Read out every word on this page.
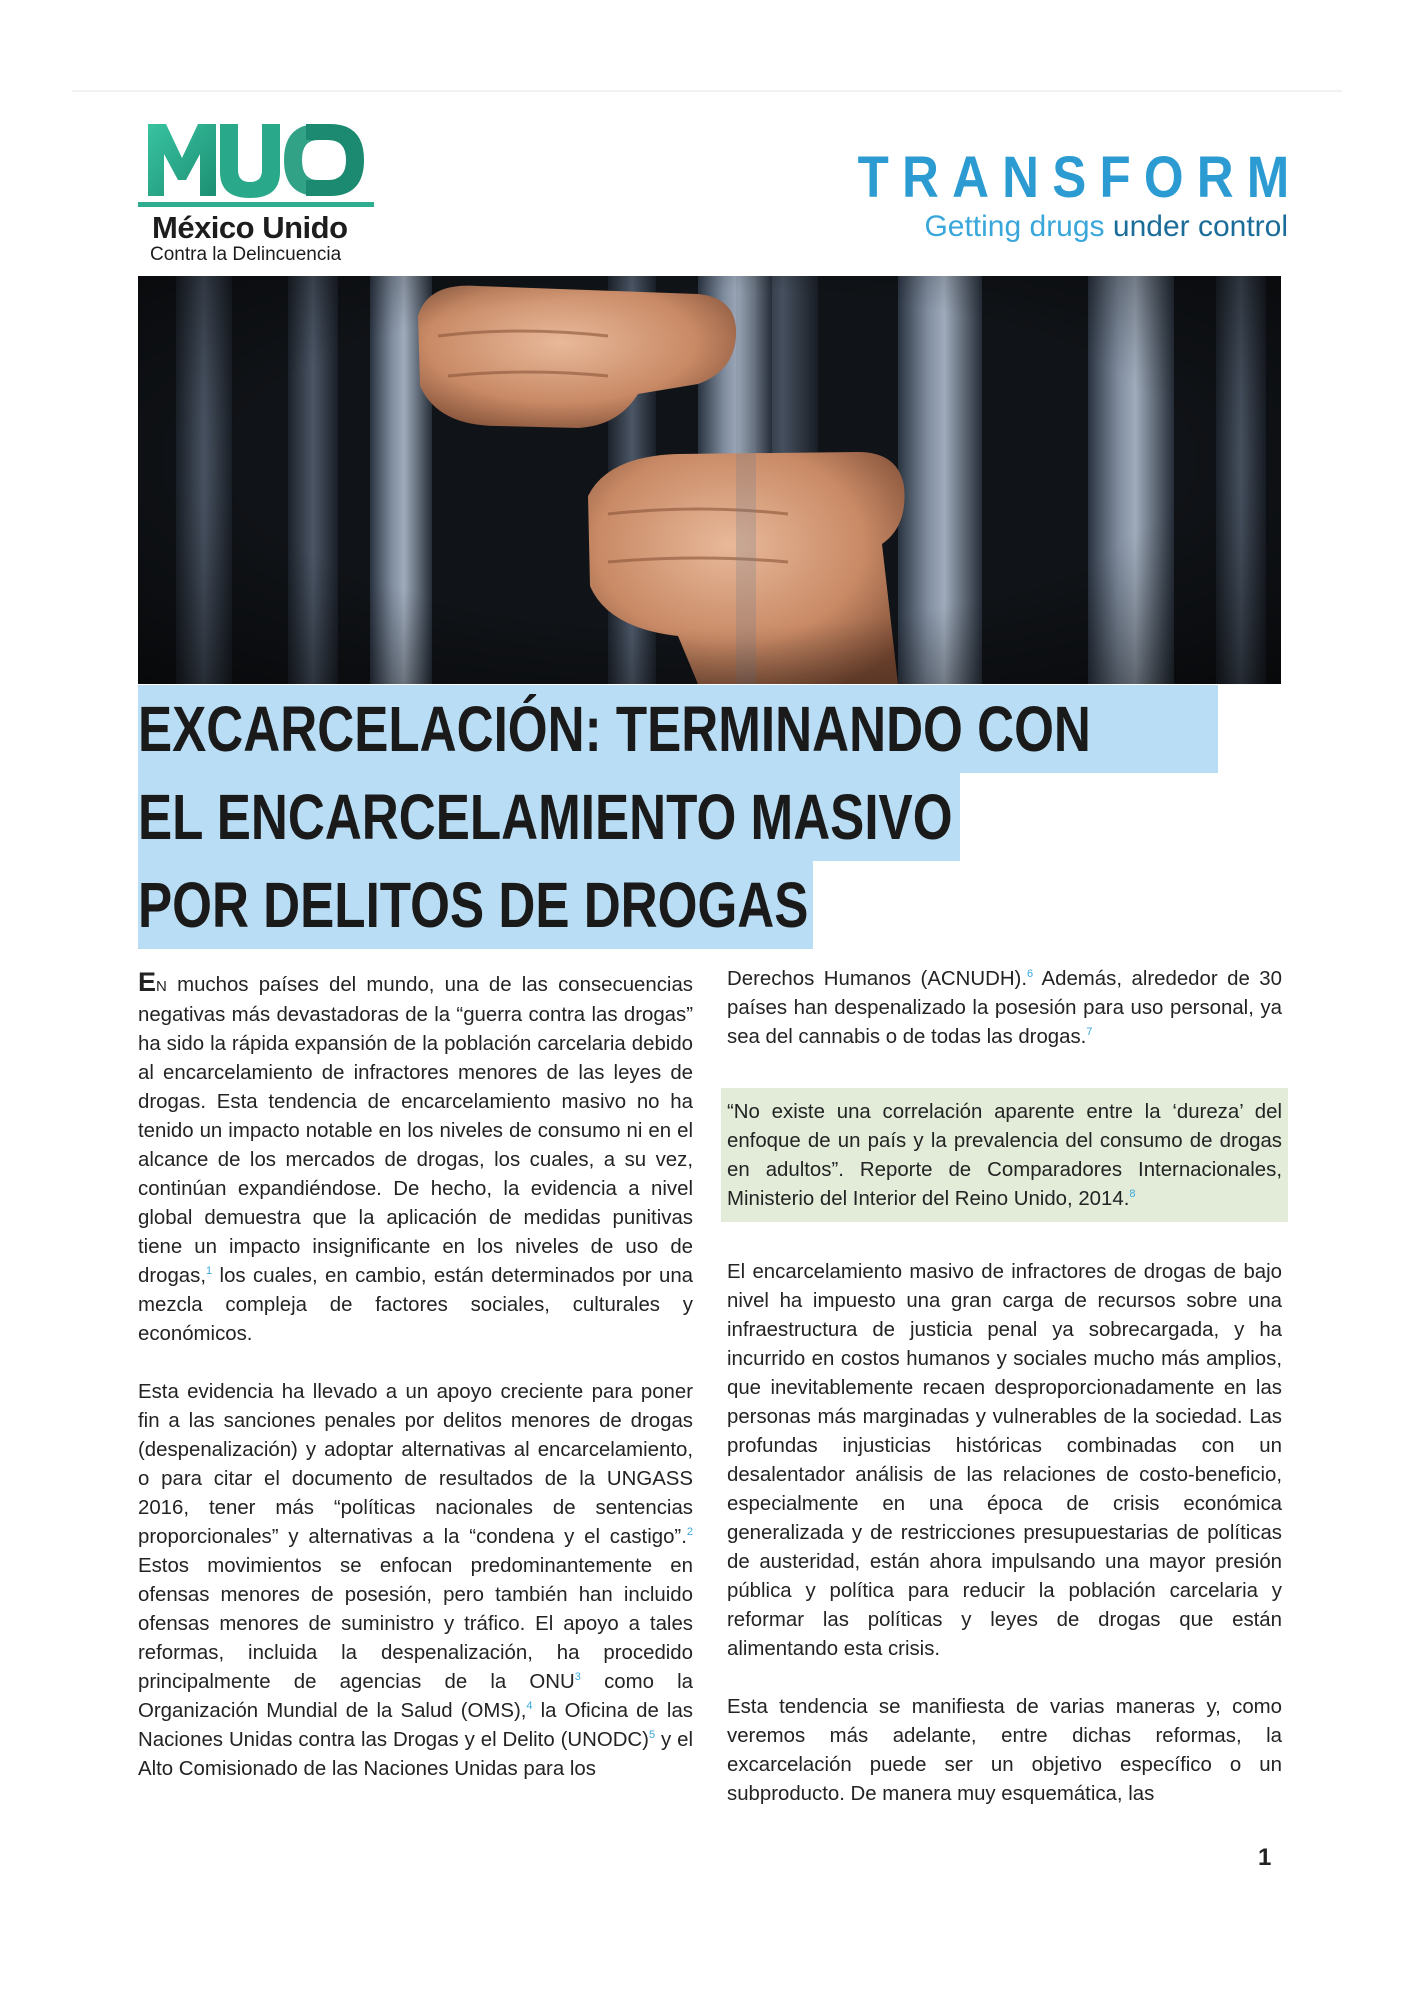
México Unido
Contra la Delincuencia
TRANSFORM
Getting drugs under control
EXCARCELACIÓN: TERMINANDO CON
EL ENCARCELAMIENTO MASIVO
POR DELITOS DE DROGAS

EN muchos países del mundo, una de las consecuencias negativas más devastadoras de la “guerra contra las drogas” ha sido la rápida expansión de la población carcelaria debido al encarcelamiento de infractores menores de las leyes de drogas. Esta tendencia de encarcelamiento masivo no ha tenido un impacto notable en los niveles de consumo ni en el alcance de los mercados de drogas, los cuales, a su vez, continúan expandiéndose. De hecho, la evidencia a nivel global demuestra que la aplicación de medidas punitivas tiene un impacto insignificante en los niveles de uso de drogas,$^1$ los cuales, en cambio, están determinados por una mezcla compleja de factores sociales, culturales y económicos.

Esta evidencia ha llevado a un apoyo creciente para poner fin a las sanciones penales por delitos menores de drogas (despenalización) y adoptar alternativas al encarcelamiento, o para citar el documento de resultados de la UNGASS 2016, tener más “políticas nacionales de sentencias proporcionales” y alternativas a la “condena y el castigo”.$^2$ Estos movimientos se enfocan predominantemente en ofensas menores de posesión, pero también han incluido ofensas menores de suministro y tráfico. El apoyo a tales reformas, incluida la despenalización, ha procedido principalmente de agencias de la ONU$^3$ como la Organización Mundial de la Salud (OMS),$^4$ la Oficina de las Naciones Unidas contra las Drogas y el Delito (UNODC)$^5$ y el Alto Comisionado de las Naciones Unidas para los

Derechos Humanos (ACNUDH).$^6$ Además, alrededor de 30 países han despenalizado la posesión para uso personal, ya sea del cannabis o de todas las drogas.$^7$

“No existe una correlación aparente entre la ‘dureza’ del enfoque de un país y la prevalencia del consumo de drogas en adultos”. Reporte de Comparadores Internacionales, Ministerio del Interior del Reino Unido, 2014.$^8$

El encarcelamiento masivo de infractores de drogas de bajo nivel ha impuesto una gran carga de recursos sobre una infraestructura de justicia penal ya sobrecargada, y ha incurrido en costos humanos y sociales mucho más amplios, que inevitablemente recaen desproporcionadamente en las personas más marginadas y vulnerables de la sociedad. Las profundas injusticias históricas combinadas con un desalentador análisis de las relaciones de costo-beneficio, especialmente en una época de crisis económica generalizada y de restricciones presupuestarias de políticas de austeridad, están ahora impulsando una mayor presión pública y política para reducir la población carcelaria y reformar las políticas y leyes de drogas que están alimentando esta crisis.

Esta tendencia se manifiesta de varias maneras y, como veremos más adelante, entre dichas reformas, la excarcelación puede ser un objetivo específico o un subproducto. De manera muy esquemática, las

1
